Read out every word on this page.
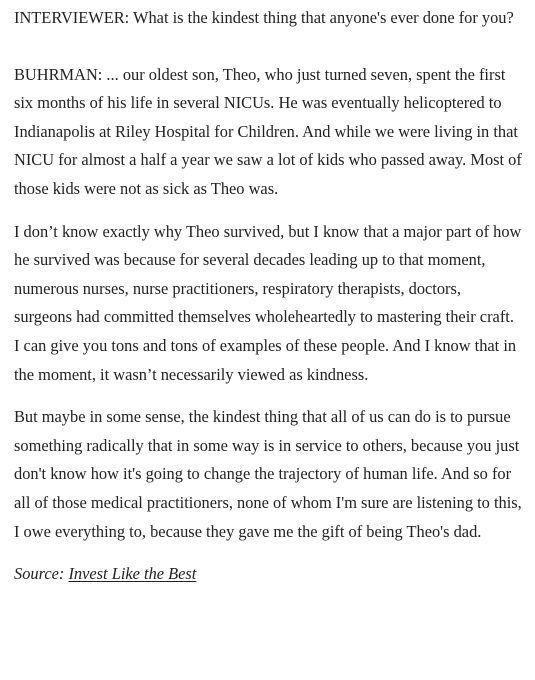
INTERVIEWER: What is the kindest thing that anyone's ever done for you?

BUHRMAN: ... our oldest son, Theo, who just turned seven, spent the first six months of his life in several NICUs. He was eventually helicoptered to Indianapolis at Riley Hospital for Children. And while we were living in that NICU for almost a half a year we saw a lot of kids who passed away. Most of those kids were not as sick as Theo was.

I don’t know exactly why Theo survived, but I know that a major part of how he survived was because for several decades leading up to that moment, numerous nurses, nurse practitioners, respiratory therapists, doctors, surgeons had committed themselves wholeheartedly to mastering their craft. I can give you tons and tons of examples of these people. And I know that in the moment, it wasn’t necessarily viewed as kindness.

But maybe in some sense, the kindest thing that all of us can do is to pursue something radically that in some way is in service to others, because you just don't know how it's going to change the trajectory of human life. And so for all of those medical practitioners, none of whom I'm sure are listening to this, I owe everything to, because they gave me the gift of being Theo's dad.

Source: Invest Like the Best
